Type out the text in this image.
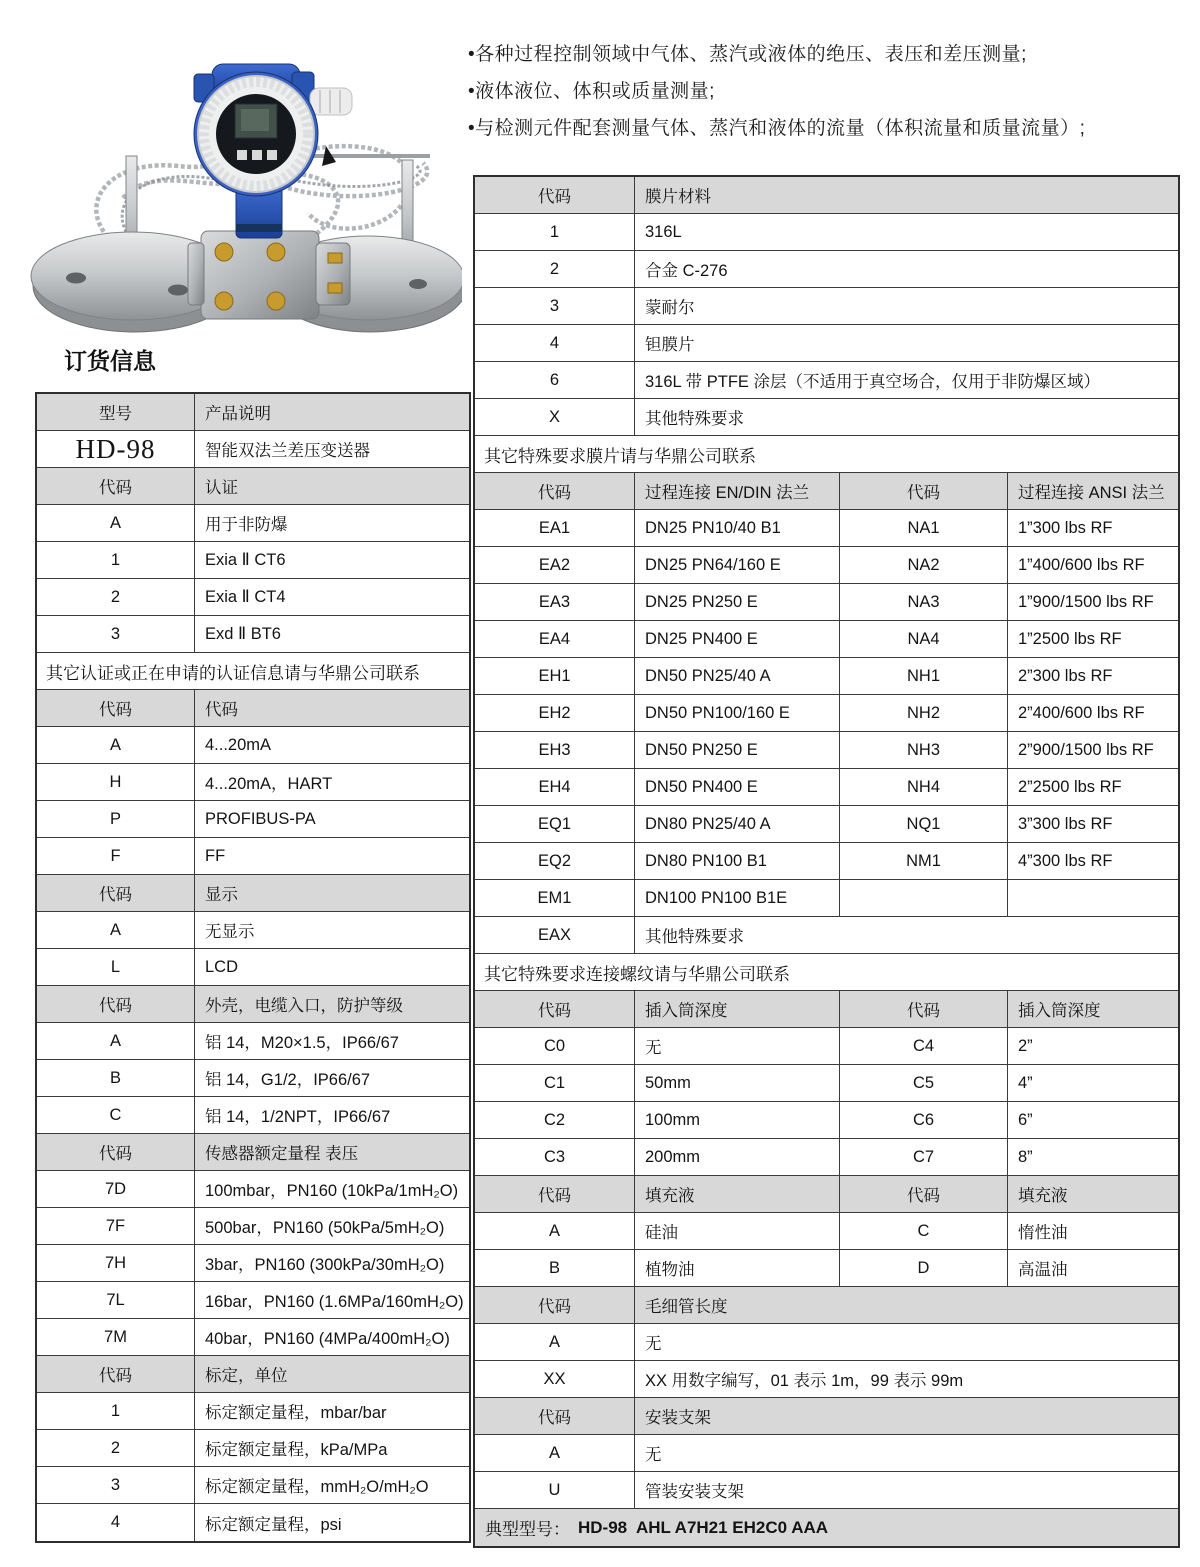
•各种过程控制领域中气体、蒸汽或液体的绝压、表压和差压测量;
•液体液位、体积或质量测量;
•与检测元件配套测量气体、蒸汽和液体的流量（体积流量和质量流量）;
订货信息
型号	产品说明
HD-98	智能双法兰差压变送器
代码	认证
A	用于非防爆
1	Exia Ⅱ CT6
2	Exia Ⅱ CT4
3	Exd Ⅱ BT6
其它认证或正在申请的认证信息请与华鼎公司联系
代码	代码
A	4...20mA
H	4...20mA，HART
P	PROFIBUS-PA
F	FF
代码	显示
A	无显示
L	LCD
代码	外壳，电缆入口，防护等级
A	铝 14，M20×1.5，IP66/67
B	铝 14，G1/2，IP66/67
C	铝 14，1/2NPT，IP66/67
代码	传感器额定量程 表压
7D	100mbar，PN160 (10kPa/1mH₂O)
7F	500bar，PN160 (50kPa/5mH₂O)
7H	3bar，PN160 (300kPa/30mH₂O)
7L	16bar，PN160 (1.6MPa/160mH₂O)
7M	40bar，PN160 (4MPa/400mH₂O)
代码	标定，单位
1	标定额定量程，mbar/bar
2	标定额定量程，kPa/MPa
3	标定额定量程，mmH₂O/mH₂O
4	标定额定量程，psi
代码	膜片材料
1	316L
2	合金 C-276
3	蒙耐尔
4	钽膜片
6	316L 带 PTFE 涂层（不适用于真空场合，仅用于非防爆区域）
X	其他特殊要求
其它特殊要求膜片请与华鼎公司联系
代码	过程连接 EN/DIN 法兰	代码	过程连接 ANSI 法兰
EA1	DN25 PN10/40 B1	NA1	1”300 lbs RF
EA2	DN25 PN64/160 E	NA2	1”400/600 lbs RF
EA3	DN25 PN250 E	NA3	1”900/1500 lbs RF
EA4	DN25 PN400 E	NA4	1”2500 lbs RF
EH1	DN50 PN25/40 A	NH1	2”300 lbs RF
EH2	DN50 PN100/160 E	NH2	2”400/600 lbs RF
EH3	DN50 PN250 E	NH3	2”900/1500 lbs RF
EH4	DN50 PN400 E	NH4	2”2500 lbs RF
EQ1	DN80 PN25/40 A	NQ1	3”300 lbs RF
EQ2	DN80 PN100 B1	NM1	4”300 lbs RF
EM1	DN100 PN100 B1E
EAX	其他特殊要求
其它特殊要求连接螺纹请与华鼎公司联系
代码	插入筒深度	代码	插入筒深度
C0	无	C4	2”
C1	50mm	C5	4”
C2	100mm	C6	6”
C3	200mm	C7	8”
代码	填充液	代码	填充液
A	硅油	C	惰性油
B	植物油	D	高温油
代码	毛细管长度
A	无
XX	XX 用数字编写，01 表示 1m，99 表示 99m
代码	安装支架
A	无
U	管装安装支架
典型型号： HD-98  AHL A7H21 EH2C0 AAA
